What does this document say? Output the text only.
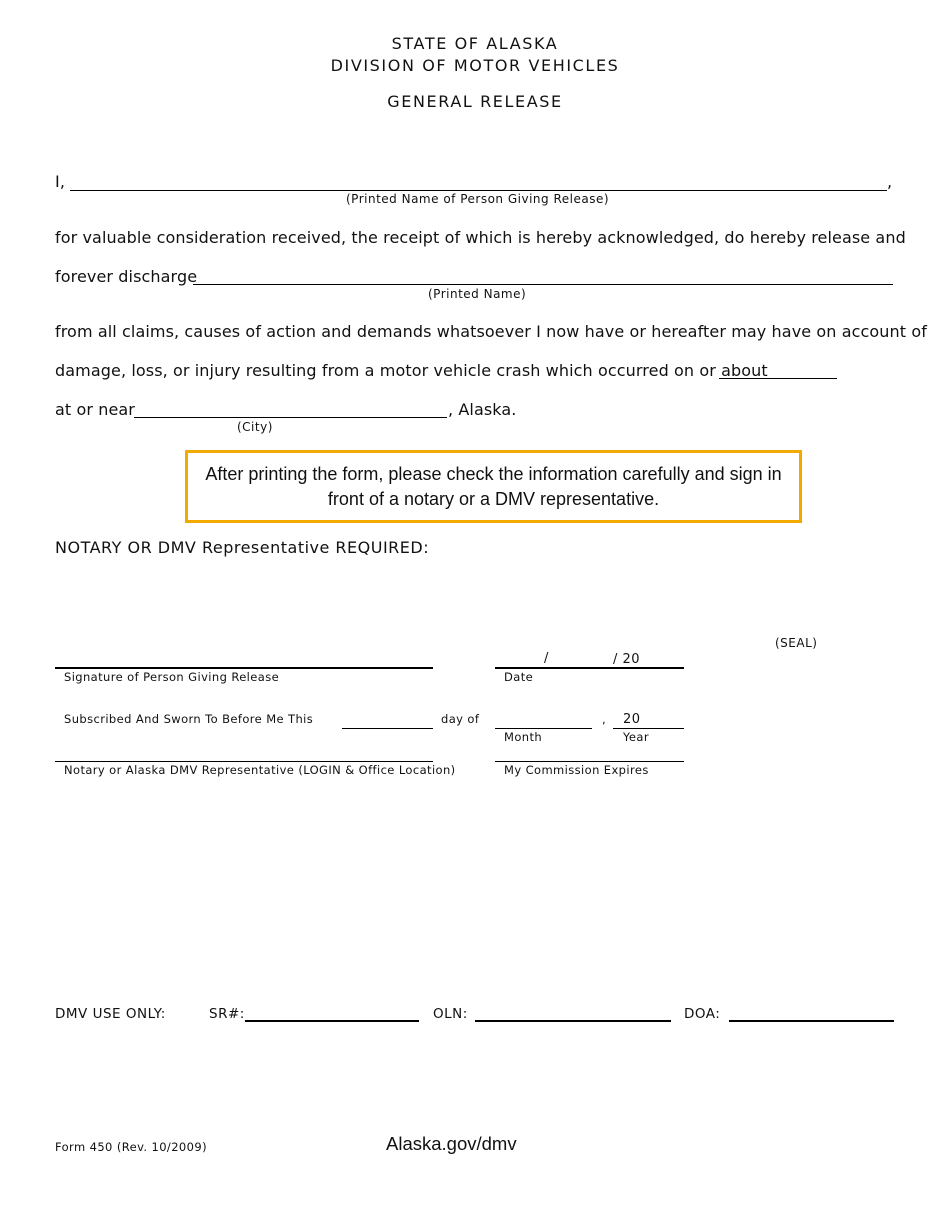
STATE OF ALASKA
DIVISION OF MOTOR VEHICLES
GENERAL RELEASE
I,	,
(Printed Name of Person Giving Release)
for valuable consideration received, the receipt of which is hereby acknowledged, do hereby release and
forever discharge
(Printed Name)
from all claims, causes of action and demands whatsoever I now have or hereafter may have on account of
damage, loss, or injury resulting from a motor vehicle crash which occurred on or about
at or near	, Alaska.
(City)
After printing the form, please check the information carefully and sign in front of a notary or a DMV representative.
NOTARY OR DMV Representative REQUIRED:
(SEAL)
Signature of Person Giving Release
/	/ 20
Date
Subscribed And Sworn To Before Me This	day of	, 20
Month	Year
Notary or Alaska DMV Representative (LOGIN & Office Location)	My Commission Expires
DMV USE ONLY:	SR#:	OLN:	DOA:
Form 450 (Rev. 10/2009)	Alaska.gov/dmv
